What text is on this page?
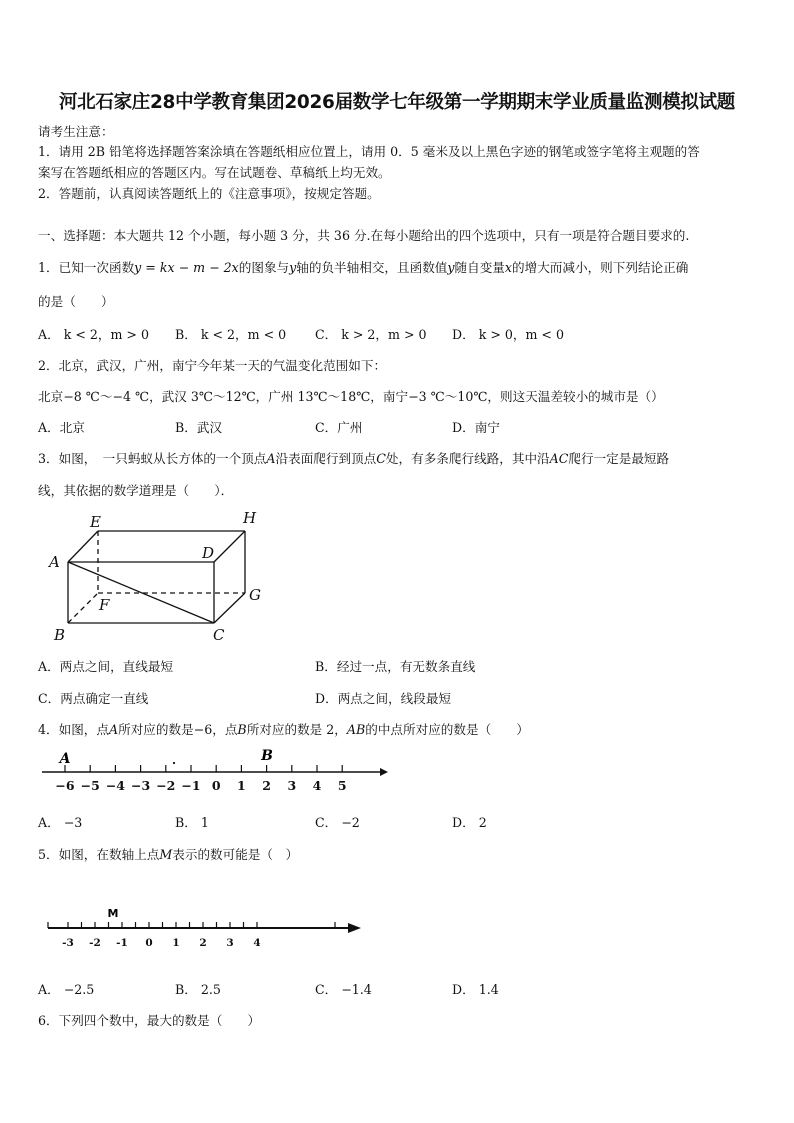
河北石家庄28中学教育集团2026届数学七年级第一学期期末学业质量监测模拟试题
请考生注意：
1．请用 2B 铅笔将选择题答案涂填在答题纸相应位置上，请用 0．5 毫米及以上黑色字迹的钢笔或签字笔将主观题的答
案写在答题纸相应的答题区内。写在试题卷、草稿纸上均无效。
2．答题前，认真阅读答题纸上的《注意事项》，按规定答题。
一、选择题：本大题共 12 个小题，每小题 3 分，共 36 分.在每小题给出的四个选项中，只有一项是符合题目要求的.
1．已知一次函数y = kx − m − 2x的图象与y轴的负半轴相交，且函数值y随自变量x的增大而减小，则下列结论正确
的是（　　）
A． k < 2，m > 0 B． k < 2，m < 0 C． k > 2，m > 0 D． k > 0，m < 0
2．北京，武汉，广州，南宁今年某一天的气温变化范围如下：
北京−8 ℃～−4 ℃，武汉 3℃～12℃，广州 13℃～18℃，南宁−3 ℃～10℃，则这天温差较小的城市是（）
A．北京	B．武汉	C．广州	D．南宁
3．如图，　一只蚂蚁从长方体的一个顶点A沿表面爬行到顶点C处，有多条爬行线路，其中沿AC爬行一定是最短路
线，其依据的数学道理是（　　）．
A
B	C
D
E
F
G
H
A．两点之间，直线最短	B．经过一点，有无数条直线
C．两点确定一直线	D．两点之间，线段最短
4．如图，点A所对应的数是−6，点B所对应的数是 2，AB的中点所对应的数是（　　）
−6 −5 −4 −3 −2 −1 0 1 2 3 4 5
A	B
A． −3	B． 1	C． −2	D． 2
5．如图，在数轴上点M表示的数可能是（　）
-3 -2 -1 0 1 2 3 4
M
A． −2.5	B． 2.5	C． −1.4	D． 1.4
6．下列四个数中，最大的数是（　　）
